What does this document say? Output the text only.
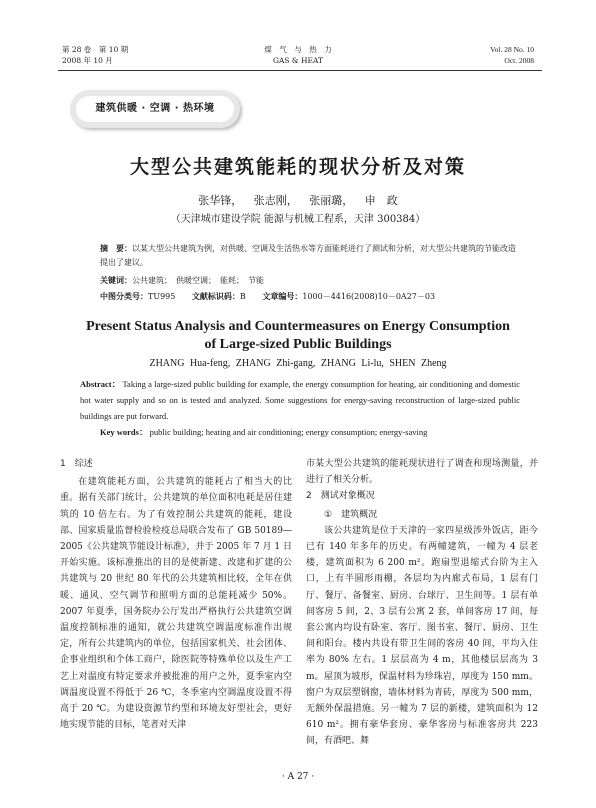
第 28 卷　第 10 期
2008 年 10 月
煤　气　与　热　力
GAS & HEAT
Vol. 28 No. 10
Oct. 2008
建筑供暖 · 空调 · 热环境
大型公共建筑能耗的现状分析及对策
张华锋， 张志刚， 张丽璐， 申　政
（天津城市建设学院 能源与机械工程系，天津 300384）
摘　要：以某大型公共建筑为例，对供暖、空调及生活热水等方面能耗进行了测试和分析，对大型公共建筑的节能改造提出了建议。
关键词：公共建筑；　供暖空调；　能耗；　节能
中图分类号：TU995 文献标识码：B 文章编号：1000－4416(2008)10－0A27－03
Present Status Analysis and Countermeasures on Energy Consumption
of Large-sized Public Buildings
ZHANG Hua-feng, ZHANG Zhi-gang, ZHANG Li-lu, SHEN Zheng
Abstract： Taking a large-sized public building for example, the energy consumption for heating, air conditioning and domestic hot water supply and so on is tested and analyzed. Some suggestions for energy-saving reconstruction of large-sized public buildings are put forward.
Key words： public building; heating and air conditioning; energy consumption; energy-saving
1　综述
在建筑能耗方面，公共建筑的能耗占了相当大的比重。据有关部门统计，公共建筑的单位面积电耗是居住建筑的 10 倍左右。为了有效控制公共建筑的能耗，建设部、国家质量监督检验检疫总局联合发布了 GB 50189—2005《公共建筑节能设计标准》，并于 2005 年 7 月 1 日开始实施。该标准推出的目的是使新建、改建和扩建的公共建筑与 20 世纪 80 年代的公共建筑相比较，全年在供暖、通风、空气调节和照明方面的总能耗减少 50%。2007 年夏季，国务院办公厅发出严格执行公共建筑空调温度控制标准的通知，就公共建筑空调温度标准作出规定，所有公共建筑内的单位，包括国家机关、社会团体、企事业组织和个体工商户，除医院等特殊单位以及生产工艺上对温度有特定要求并被批准的用户之外，夏季室内空调温度设置不得低于 26 ℃，冬季室内空调温度设置不得高于 20 ℃。为建设资源节约型和环境友好型社会，更好地实现节能的目标，笔者对天津
市某大型公共建筑的能耗现状进行了调查和现场测量，并进行了相关分析。
2　测试对象概况
①　建筑概况
该公共建筑是位于天津的一家四星级涉外饭店，距今已有 140 年多年的历史。有两幢建筑，一幢为 4 层老楼，建筑面积为 6 200 m²。跑扇型退缩式台阶为主入口，上有半圆形雨棚，各层均为内廊式布局，1 层有门厅、餐厅、备餐室、厨房、台球厅、卫生间等。1 层有单间客房 5 间，2、3 层有公寓 2 套，单间客房 17 间，每套公寓内均设有卧室、客厅、图书室、餐厅、厨房、卫生间和阳台。楼内共设有带卫生间的客房 40 间，平均入住率为 80% 左右。1 层层高为 4 m，其他楼层层高为 3 m。屋顶为坡形，保温材料为珍珠岩，厚度为 150 mm。窗户为双层塑钢窗，墙体材料为青砖，厚度为 500 mm，无额外保温措施。另一幢为 7 层的新楼，建筑面积为 12 610 m²。拥有豪华套房、豪华客房与标准客房共 223 间，有酒吧、舞
· A 27 ·
